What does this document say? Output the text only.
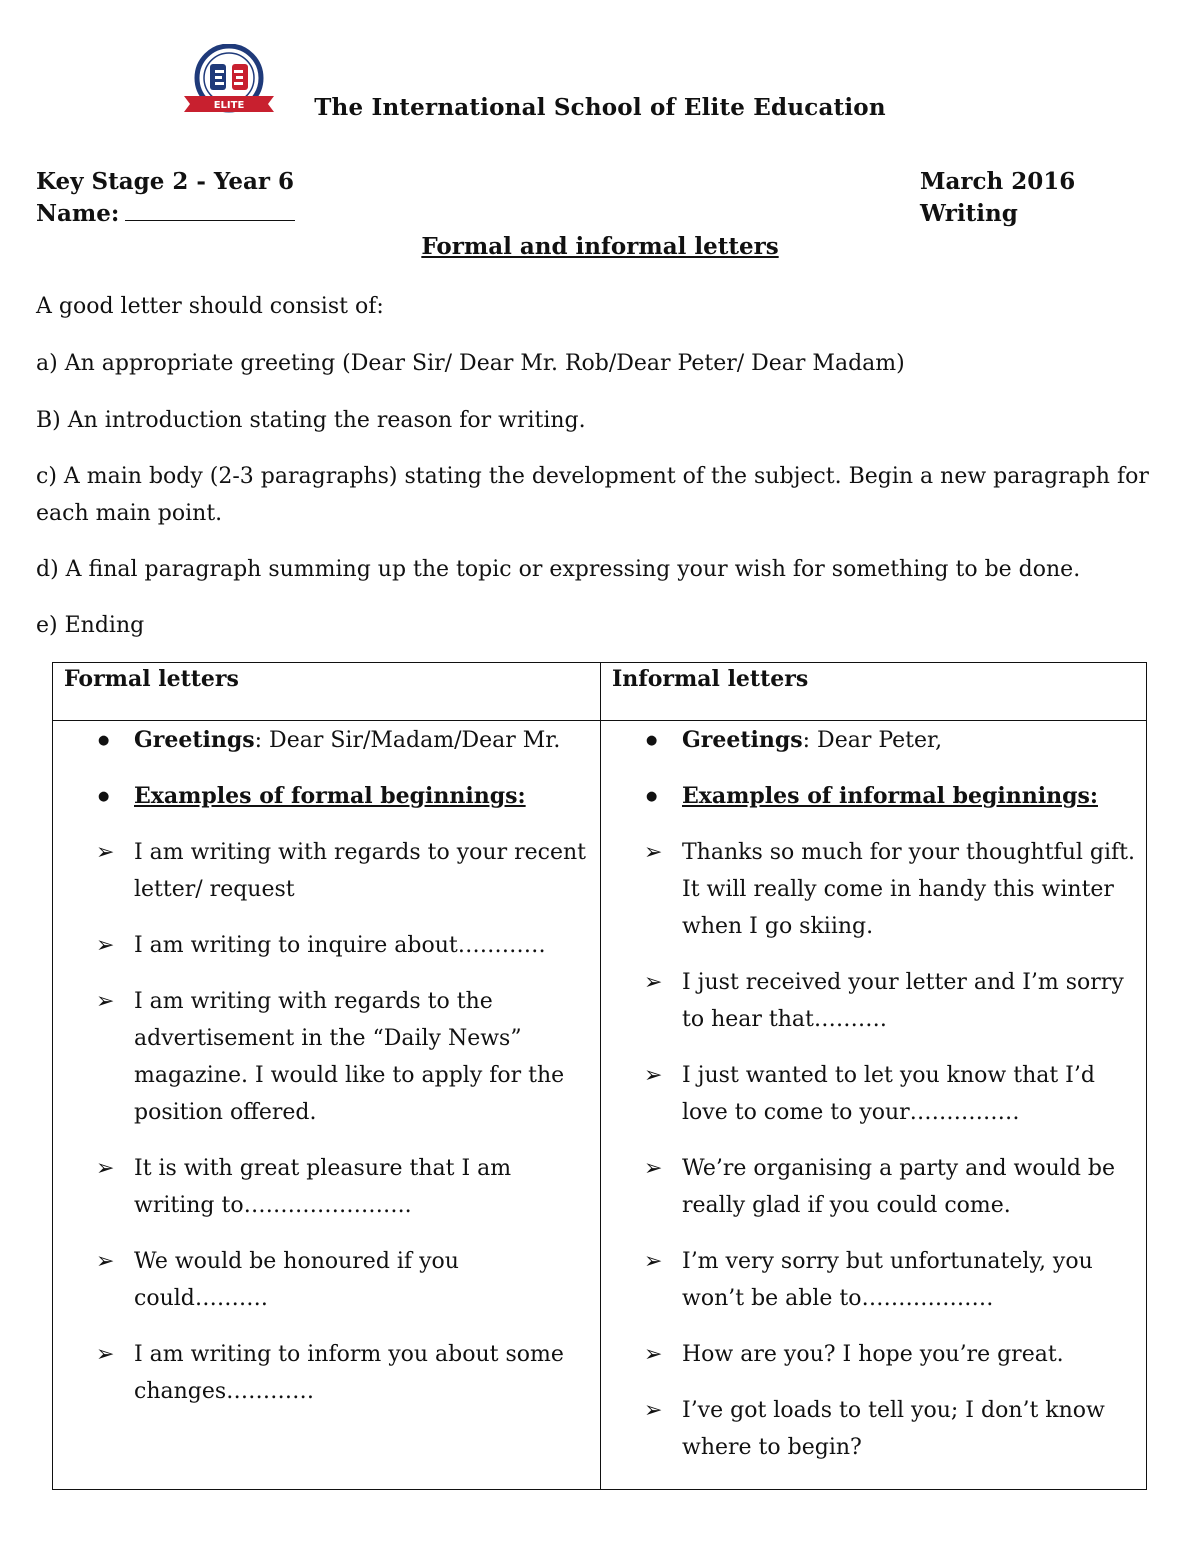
ELITE	The International School of Elite Education
Key Stage 2 - Year 6
Name:
March 2016
Writing
Formal and informal letters
A good letter should consist of:
a) An appropriate greeting (Dear Sir/ Dear Mr. Rob/Dear Peter/ Dear Madam)
B) An introduction stating the reason for writing.
c) A main body (2-3 paragraphs) stating the development of the subject. Begin a new paragraph for each main point.
d) A final paragraph summing up the topic or expressing your wish for something to be done.
e) Ending
Formal letters	Informal letters
● Greetings: Dear Sir/Madam/Dear Mr.
● Examples of formal beginnings:
➢ I am writing with regards to your recent letter/ request
➢ I am writing to inquire about…………
➢ I am writing with regards to the advertisement in the “Daily News” magazine. I would like to apply for the position offered.
➢ It is with great pleasure that I am writing to…………………..
➢ We would be honoured if you could……….
➢ I am writing to inform you about some changes…………
● Greetings: Dear Peter,
● Examples of informal beginnings:
➢ Thanks so much for your thoughtful gift. It will really come in handy this winter when I go skiing.
➢ I just received your letter and I’m sorry to hear that……….
➢ I just wanted to let you know that I’d love to come to your……………
➢ We’re organising a party and would be really glad if you could come.
➢ I’m very sorry but unfortunately, you won’t be able to………………
➢ How are you? I hope you’re great.
➢ I’ve got loads to tell you; I don’t know where to begin?
